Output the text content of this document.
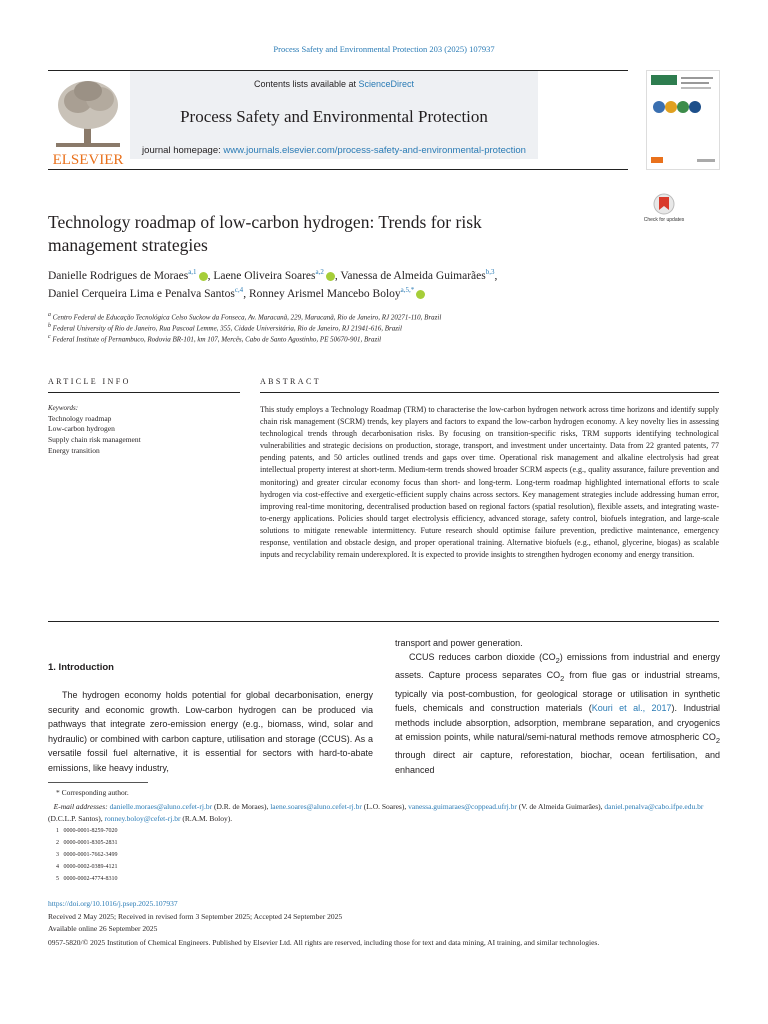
Process Safety and Environmental Protection 203 (2025) 107937
ELSEVIER
Contents lists available at ScienceDirect
Process Safety and Environmental Protection
journal homepage: www.journals.elsevier.com/process-safety-and-environmental-protection
Technology roadmap of low-carbon hydrogen: Trends for risk
management strategies
Check for updates
Danielle Rodrigues de Moraes$^{a,1}$ , Laene Oliveira Soares$^{a,2}$ , Vanessa de Almeida Guimarães$^{b,3}$,
Daniel Cerqueira Lima e Penalva Santos$^{c,4}$, Ronney Arismel Mancebo Boloy$^{a,5,*}$
$^a$ Centro Federal de Educação Tecnológica Celso Suckow da Fonseca, Av. Maracanã, 229, Maracanã, Rio de Janeiro, RJ 20271-110, Brazil
$^b$ Federal University of Rio de Janeiro, Rua Pascoal Lemme, 355, Cidade Universitária, Rio de Janeiro, RJ 21941-616, Brazil
$^c$ Federal Institute of Pernambuco, Rodovia BR-101, km 107, Mercês, Cabo de Santo Agostinho, PE 50670-901, Brazil
ARTICLE INFO	ABSTRACT
Keywords:
Technology roadmap
Low-carbon hydrogen
Supply chain risk management
Energy transition
This study employs a Technology Roadmap (TRM) to characterise the low-carbon hydrogen network across time horizons and identify supply chain risk management (SCRM) trends, key players and factors to expand the low-carbon hydrogen economy. A key novelty lies in assessing technological trends through decarbonisation risks. By focusing on transition-specific risks, TRM supports identifying technological vulnerabilities and strategic decisions on production, storage, transport, and investment under uncertainty. Data from 22 granted patents, 77 pending patents, and 50 articles outlined trends and gaps over time. Operational risk management and alkaline electrolysis had great intellectual property interest at short-term. Medium-term trends showed broader SCRM aspects (e.g., quality assurance, failure prevention and monitoring) and greater circular economy focus than short- and long-term. Long-term roadmap highlighted international efforts to scale hydrogen via cost-effective and exergetic-efficient supply chains across sectors. Key management strategies include addressing human error, improving real-time monitoring, decentralised production based on regional factors (spatial resolution), flexible assets, and integrating waste-to-energy applications. Policies should target electrolysis efficiency, advanced storage, safety control, biofuels integration, and large-scale solutions to mitigate renewable intermittency. Future research should optimise failure prevention, predictive maintenance, emergency response, ventilation and obstacle design, and proper operational training. Alternative biofuels (e.g., ethanol, glycerine, biogas) as scalable inputs and recyclability remain underexplored. It is expected to provide insights to strengthen hydrogen economy and energy transition.
1. Introduction
The hydrogen economy holds potential for global decarbonisation, energy security and economic growth. Low-carbon hydrogen can be produced via pathways that integrate zero-emission energy (e.g., biomass, wind, solar and hydraulic) or combined with carbon capture, utilisation and storage (CCUS). As a versatile fossil fuel alternative, it is essential for sectors with hard-to-abate emissions, like heavy industry,
transport and power generation.
CCUS reduces carbon dioxide $(CO_2)$ emissions from industrial and energy assets. Capture process separates $CO_2$ from flue gas or industrial streams, typically via post-combustion, for geological storage or utilisation in synthetic fuels, chemicals and construction materials (Kouri et al., 2017). Industrial methods include absorption, adsorption, membrane separation, and cryogenics at emission points, while natural/semi-natural methods remove atmospheric $CO_2$ through direct air capture, reforestation, biochar, ocean fertilisation, and enhanced
* Corresponding author.
E-mail addresses: danielle.moraes@aluno.cefet-rj.br (D.R. de Moraes), laene.soares@aluno.cefet-rj.br (L.O. Soares), vanessa.guimaraes@coppead.ufrj.br (V. de Almeida Guimarães), daniel.penalva@cabo.ifpe.edu.br (D.C.L.P. Santos), ronney.boloy@cefet-rj.br (R.A.M. Boloy).
1 0000-0001-8259-7020
2 0000-0001-8305-2831
3 0000-0001-7662-3499
4 0000-0002-0389-4121
5 0000-0002-4774-8310
https://doi.org/10.1016/j.psep.2025.107937
Received 2 May 2025; Received in revised form 3 September 2025; Accepted 24 September 2025
Available online 26 September 2025
0957-5820/© 2025 Institution of Chemical Engineers. Published by Elsevier Ltd. All rights are reserved, including those for text and data mining, AI training, and similar technologies.
